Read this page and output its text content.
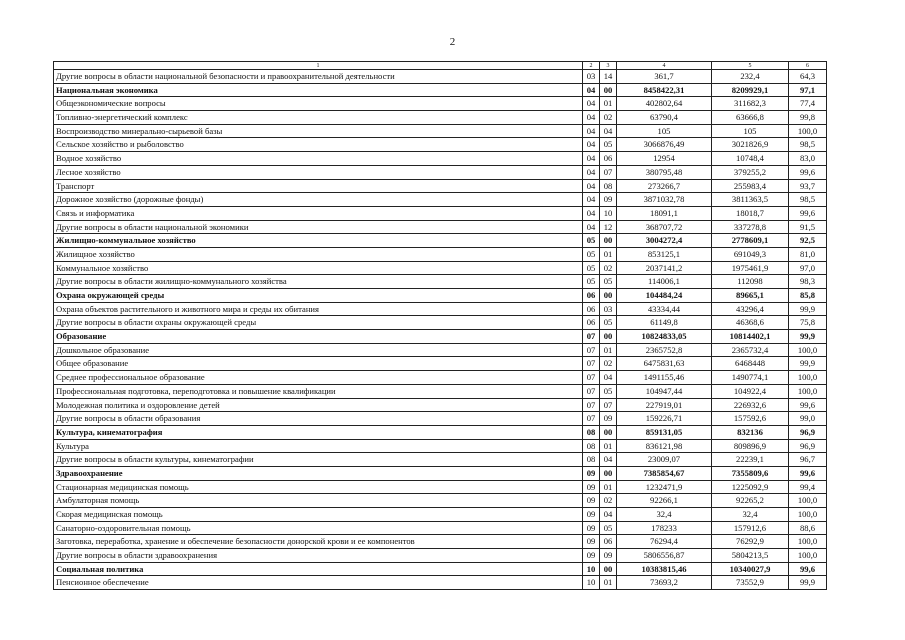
2
1	2	3	4	5	6
Другие вопросы в области национальной безопасности и правоохранительной деятельности	03	14	361,7	232,4	64,3
Национальная экономика	04	00	8458422,31	8209929,1	97,1
Общеэкономические вопросы	04	01	402802,64	311682,3	77,4
Топливно-энергетический комплекс	04	02	63790,4	63666,8	99,8
Воспроизводство минерально-сырьевой базы	04	04	105	105	100,0
Сельское хозяйство и рыболовство	04	05	3066876,49	3021826,9	98,5
Водное хозяйство	04	06	12954	10748,4	83,0
Лесное хозяйство	04	07	380795,48	379255,2	99,6
Транспорт	04	08	273266,7	255983,4	93,7
Дорожное хозяйство (дорожные фонды)	04	09	3871032,78	3811363,5	98,5
Связь и информатика	04	10	18091,1	18018,7	99,6
Другие вопросы в области национальной экономики	04	12	368707,72	337278,8	91,5
Жилищно-коммунальное хозяйство	05	00	3004272,4	2778609,1	92,5
Жилищное хозяйство	05	01	853125,1	691049,3	81,0
Коммунальное хозяйство	05	02	2037141,2	1975461,9	97,0
Другие вопросы в области жилищно-коммунального хозяйства	05	05	114006,1	112098	98,3
Охрана окружающей среды	06	00	104484,24	89665,1	85,8
Охрана объектов растительного и животного мира и среды их обитания	06	03	43334,44	43296,4	99,9
Другие вопросы в области охраны окружающей среды	06	05	61149,8	46368,6	75,8
Образование	07	00	10824833,05	10814402,1	99,9
Дошкольное образование	07	01	2365752,8	2365732,4	100,0
Общее образование	07	02	6475831,63	6468448	99,9
Среднее профессиональное образование	07	04	1491155,46	1490774,1	100,0
Профессиональная подготовка, переподготовка и повышение квалификации	07	05	104947,44	104922,4	100,0
Молодежная политика и оздоровление детей	07	07	227919,01	226932,6	99,6
Другие вопросы в области образования	07	09	159226,71	157592,6	99,0
Культура, кинематография	08	00	859131,05	832136	96,9
Культура	08	01	836121,98	809896,9	96,9
Другие вопросы в области культуры, кинематографии	08	04	23009,07	22239,1	96,7
Здравоохранение	09	00	7385854,67	7355809,6	99,6
Стационарная медицинская помощь	09	01	1232471,9	1225092,9	99,4
Амбулаторная помощь	09	02	92266,1	92265,2	100,0
Скорая медицинская помощь	09	04	32,4	32,4	100,0
Санаторно-оздоровительная помощь	09	05	178233	157912,6	88,6
Заготовка, переработка, хранение и обеспечение безопасности донорской крови и ее компонентов	09	06	76294,4	76292,9	100,0
Другие вопросы в области здравоохранения	09	09	5806556,87	5804213,5	100,0
Социальная политика	10	00	10383815,46	10340027,9	99,6
Пенсионное обеспечение	10	01	73693,2	73552,9	99,9
